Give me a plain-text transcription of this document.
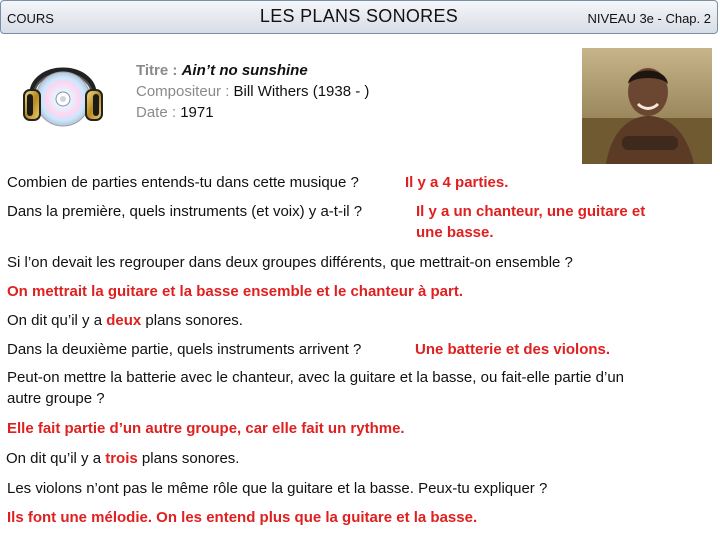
COURS	LES PLANS SONORES	NIVEAU 3e - Chap. 2
Titre : Ain’t no sunshine
Compositeur : Bill Withers (1938 - )
Date : 1971
Combien de parties entends-tu dans cette musique ?	Il y a 4 parties.
Dans la première, quels instruments (et voix) y a-t-il ?	Il y a un chanteur, une guitare et
une basse.
Si l’on devait les regrouper dans deux groupes différents, que mettrait-on ensemble ?
On mettrait la guitare et la basse ensemble et le chanteur à part.
On dit qu’il y a deux plans sonores.
Dans la deuxième partie, quels instruments arrivent ?	Une batterie et des violons.
Peut-on mettre la batterie avec le chanteur, avec la guitare et la basse, ou fait-elle partie d’un
autre groupe ?
Elle fait partie d’un autre groupe, car elle fait un rythme.
On dit qu’il y a trois plans sonores.
Les violons n’ont pas le même rôle que la guitare et la basse. Peux-tu expliquer ?
Ils font une mélodie. On les entend plus que la guitare et la basse.
